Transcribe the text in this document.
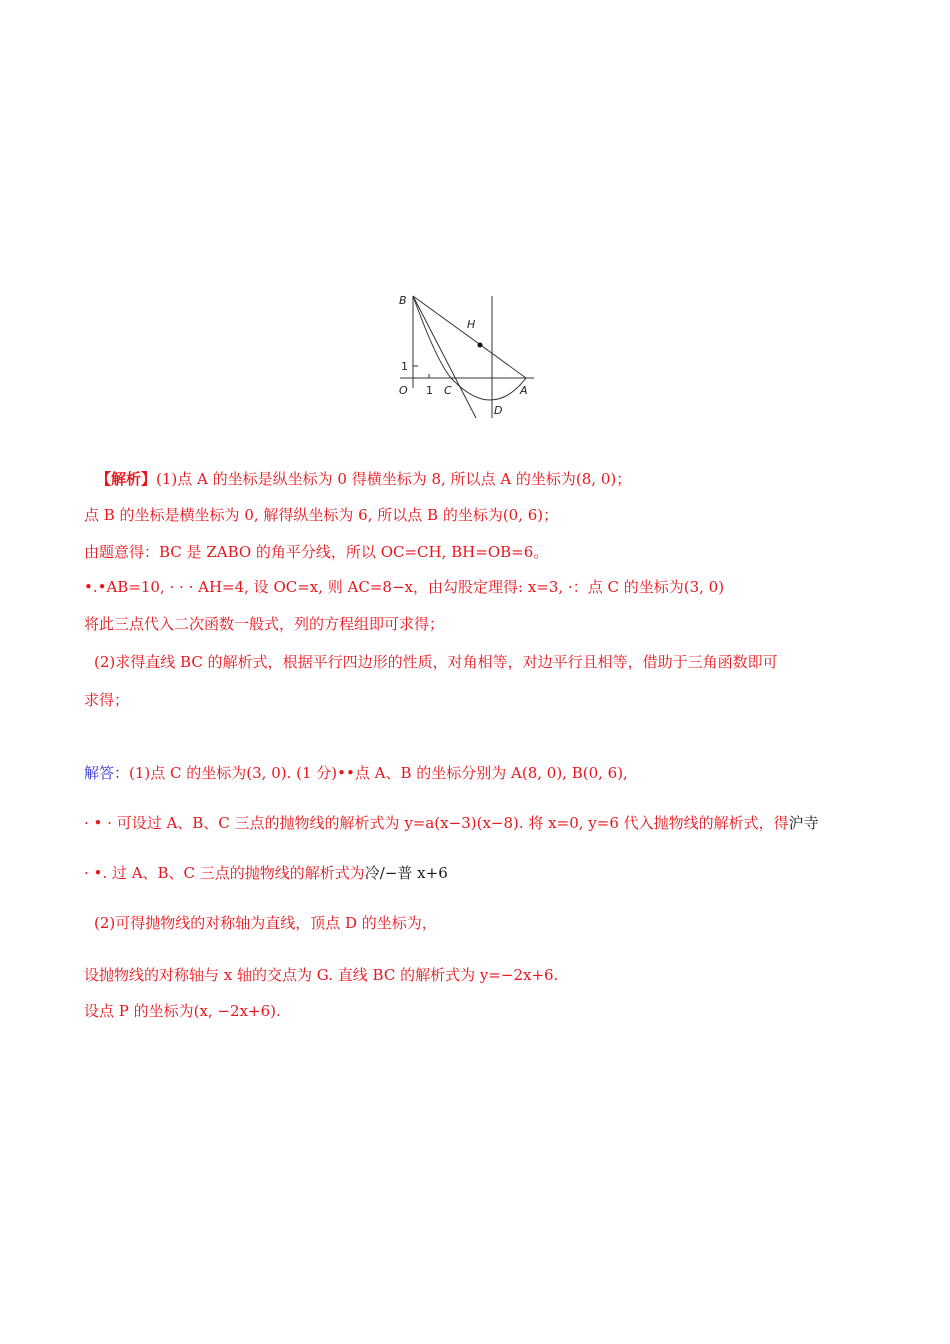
B
H
1
O 1 C	A
D
【解析】(1)点 A 的坐标是纵坐标为 0 得横坐标为 8, 所以点 A 的坐标为(8, 0)；
点 B 的坐标是横坐标为 0, 解得纵坐标为 6, 所以点 B 的坐标为(0, 6)；
由题意得：BC 是 ZABO 的角平分线，所以 OC=CH, BH=OB=6。
•.•AB=10, · · · AH=4, 设 OC=x, 则 AC=8−x，由勾股定理得: x=3, ·：点 C 的坐标为(3, 0)
将此三点代入二次函数一般式，列的方程组即可求得；
(2)求得直线 BC 的解析式，根据平行四边形的性质，对角相等，对边平行且相等，借助于三角函数即可
求得；
解答：(1)点 C 的坐标为(3, 0). (1 分)••点 A、B 的坐标分别为 A(8, 0), B(0, 6),
· • · 可设过 A、B、C 三点的抛物线的解析式为 y=a(x−3)(x−8). 将 x=0, y=6 代入抛物线的解析式，得沪寺
· •. 过 A、B、C 三点的抛物线的解析式为冷/−普 x+6
(2)可得抛物线的对称轴为直线，顶点 D 的坐标为，
设抛物线的对称轴与 x 轴的交点为 G. 直线 BC 的解析式为 y=−2x+6.
设点 P 的坐标为(x, −2x+6).
